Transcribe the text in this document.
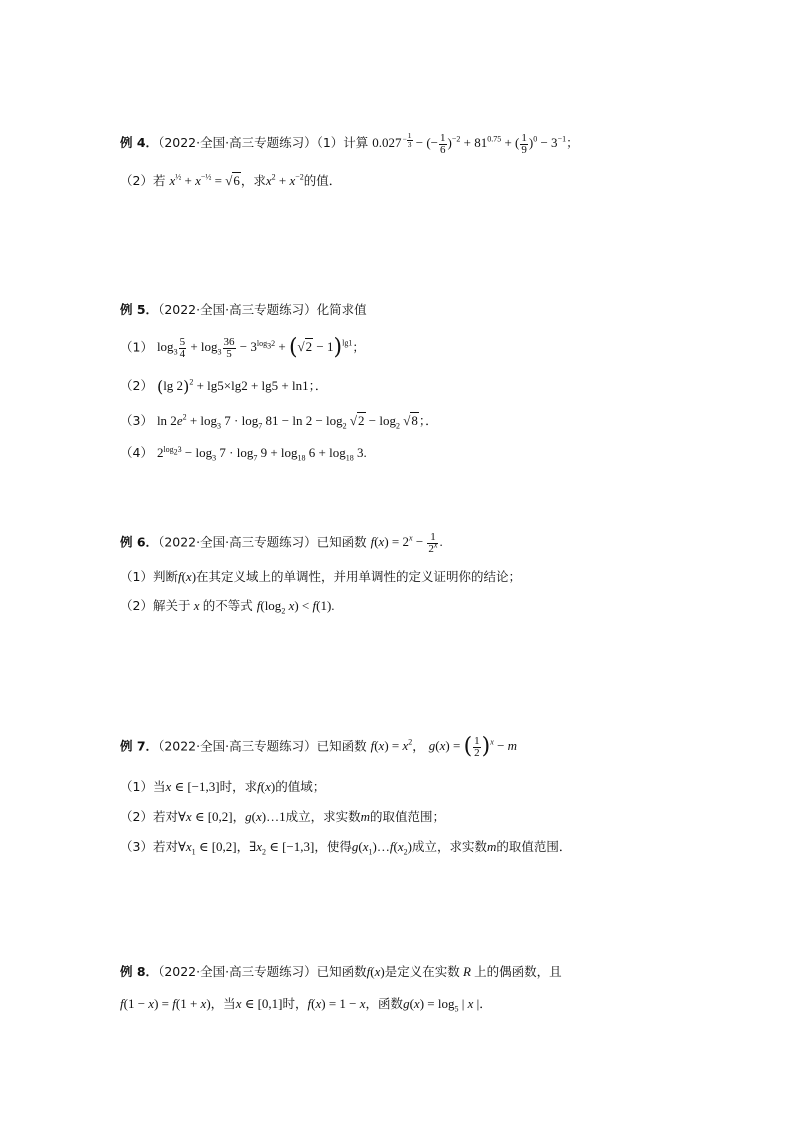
例 4．（2022·全国·高三专题练习）（1）计算 $0.027- \frac{1}{3}$ − (− $\frac{1}{6} )^{-2} + 81^{0.75}$ + ( $\frac{1}{9} )^0 - 3^{-1}$；
（2）若 $x^{\frac{1}{2}} + x^{-\frac{1}{2}} = √6$，求$x^2 + x^{-2}$的值．
例 5．（2022·全国·高三专题练习）化简求值
（1） $\log_3 \frac{5}{4} + \log_3 \frac{36}{5} - 3^{log_32} + (√2 - 1)^{lg1}$；
（2） (lg 2)$^2$ + lg5×lg2 + lg5 + ln1；．
（3） $\ln 2e^2 + \log_3 7 \cdot \log_7 81 - \ln 2 - \log_2 √2 - \log_2 √8$；．
（4） $2^{log_23} - \log_3 7 \cdot \log_7 9 + \log_{18} 6 + \log_{18} 3$.
例 6．（2022·全国·高三专题练习）已知函数 $f(x) = 2^x - \frac{1}{2^x}$ .
（1）判断f(x)在其定义域上的单调性，并用单调性的定义证明你的结论；
（2）解关于 x 的不等式 $f(\log_2$ x) < f(1).
例 7．（2022·全国·高三专题练习）已知函数 $f(x) = x^2$， g(x) = ( $\frac{1}{2} )^x - m$
（1）当x ∈ [−1,3]时，求f(x)的值域；
（2）若对∀x ∈ [0,2]，g(x)…1成立，求实数m的取值范围；
（3）若对$\forall x_1$ ∈ [0,2]，$\exists x_2$ ∈ [−1,3]，使得$g(x_1)\dots f(x_2)$成立，求实数m的取值范围．
例 8．（2022·全国·高三专题练习）已知函数f(x)是定义在实数 R 上的偶函数，且
f(1 − x) = f(1 + x)，当x ∈ [0,1]时，f(x) = 1 − x，函数$g(x) = \log_5$ | x |．
